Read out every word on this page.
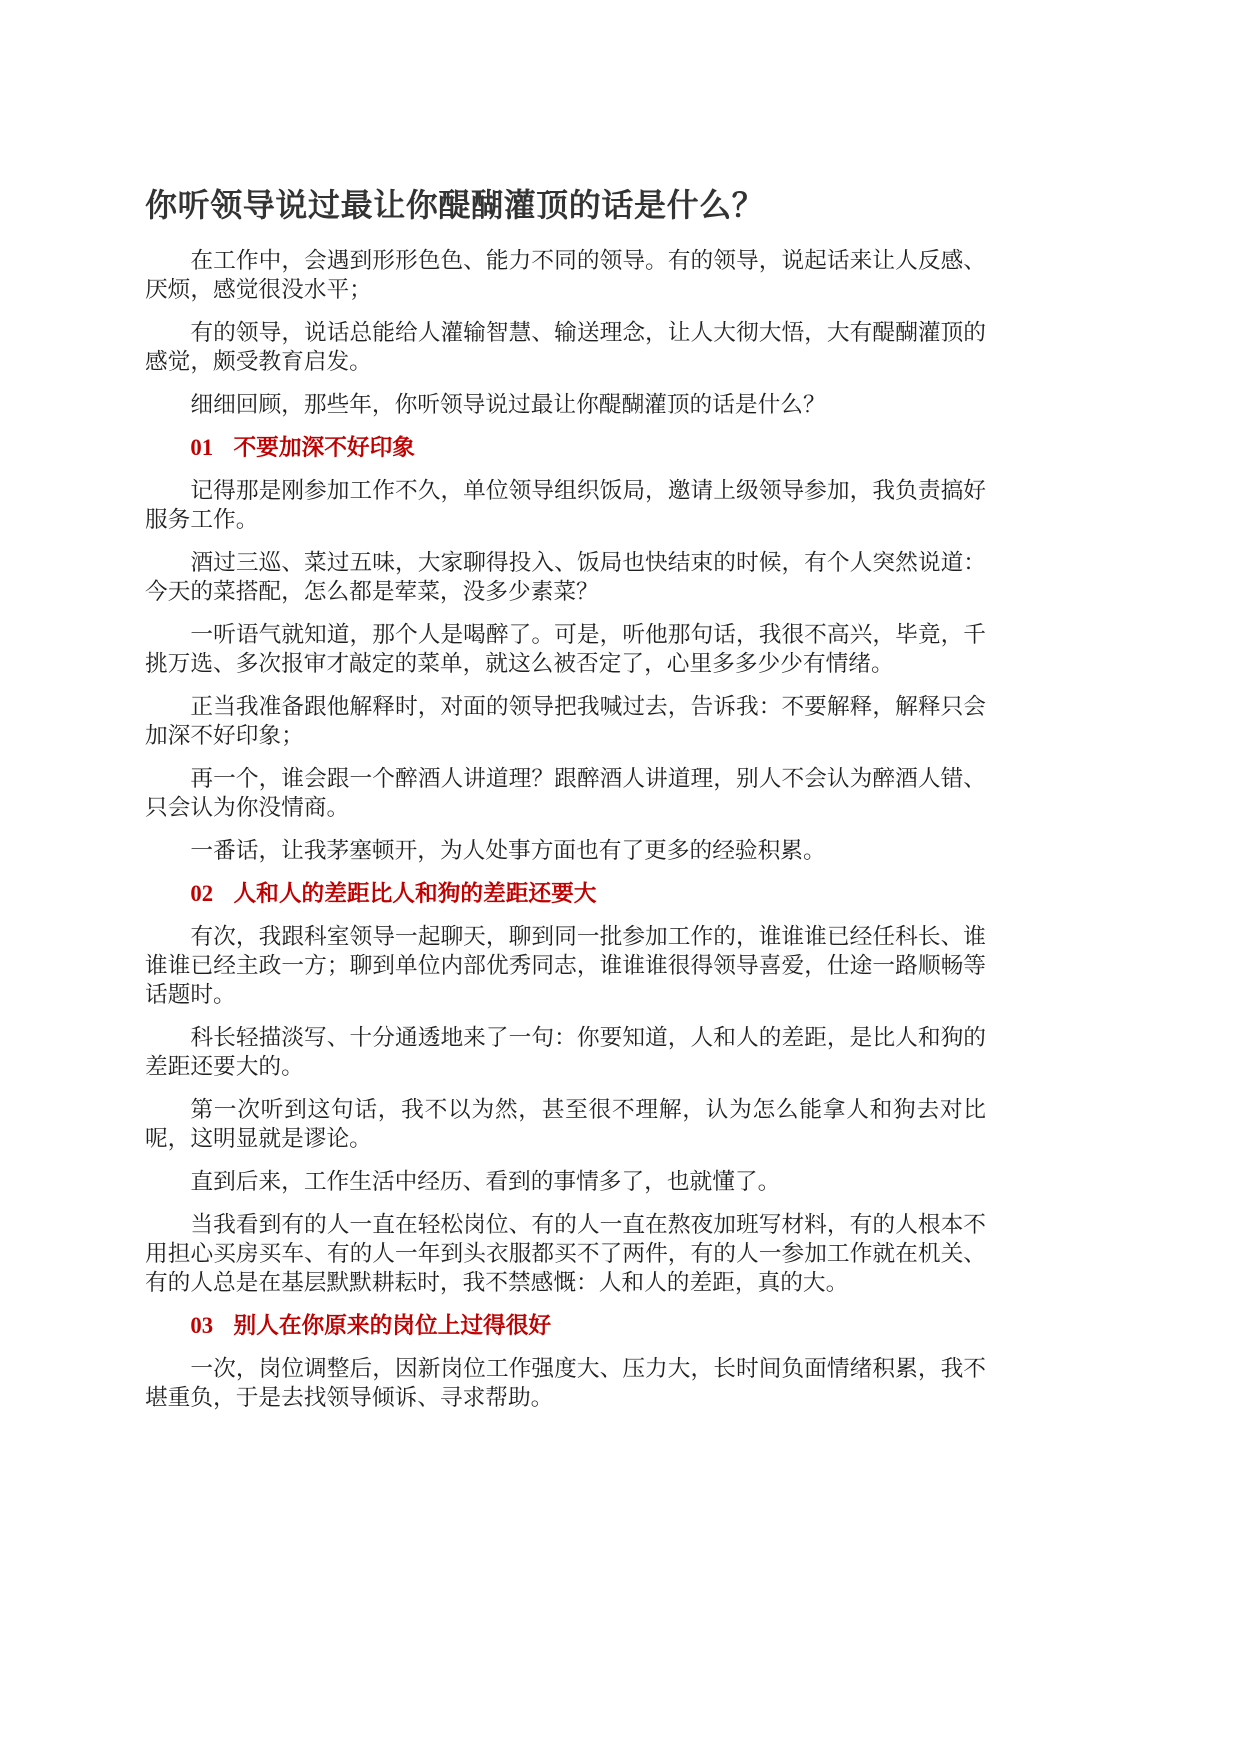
你听领导说过最让你醍醐灌顶的话是什么？

在工作中，会遇到形形色色、能力不同的领导。有的领导，说起话来让人反感、厌烦，感觉很没水平；

有的领导，说话总能给人灌输智慧、输送理念，让人大彻大悟，大有醍醐灌顶的感觉，颇受教育启发。

细细回顾，那些年，你听领导说过最让你醍醐灌顶的话是什么？

01 不要加深不好印象

记得那是刚参加工作不久，单位领导组织饭局，邀请上级领导参加，我负责搞好服务工作。

酒过三巡、菜过五味，大家聊得投入、饭局也快结束的时候，有个人突然说道：今天的菜搭配，怎么都是荤菜，没多少素菜？

一听语气就知道，那个人是喝醉了。可是，听他那句话，我很不高兴，毕竟，千挑万选、多次报审才敲定的菜单，就这么被否定了，心里多多少少有情绪。

正当我准备跟他解释时，对面的领导把我喊过去，告诉我：不要解释，解释只会加深不好印象；

再一个，谁会跟一个醉酒人讲道理？跟醉酒人讲道理，别人不会认为醉酒人错、只会认为你没情商。

一番话，让我茅塞顿开，为人处事方面也有了更多的经验积累。

02 人和人的差距比人和狗的差距还要大

有次，我跟科室领导一起聊天，聊到同一批参加工作的，谁谁谁已经任科长、谁谁谁已经主政一方；聊到单位内部优秀同志，谁谁谁很得领导喜爱，仕途一路顺畅等话题时。

科长轻描淡写、十分通透地来了一句：你要知道，人和人的差距，是比人和狗的差距还要大的。

第一次听到这句话，我不以为然，甚至很不理解，认为怎么能拿人和狗去对比呢，这明显就是谬论。

直到后来，工作生活中经历、看到的事情多了，也就懂了。

当我看到有的人一直在轻松岗位、有的人一直在熬夜加班写材料，有的人根本不用担心买房买车、有的人一年到头衣服都买不了两件，有的人一参加工作就在机关、有的人总是在基层默默耕耘时，我不禁感慨：人和人的差距，真的大。

03 别人在你原来的岗位上过得很好

一次，岗位调整后，因新岗位工作强度大、压力大，长时间负面情绪积累，我不堪重负，于是去找领导倾诉、寻求帮助。
